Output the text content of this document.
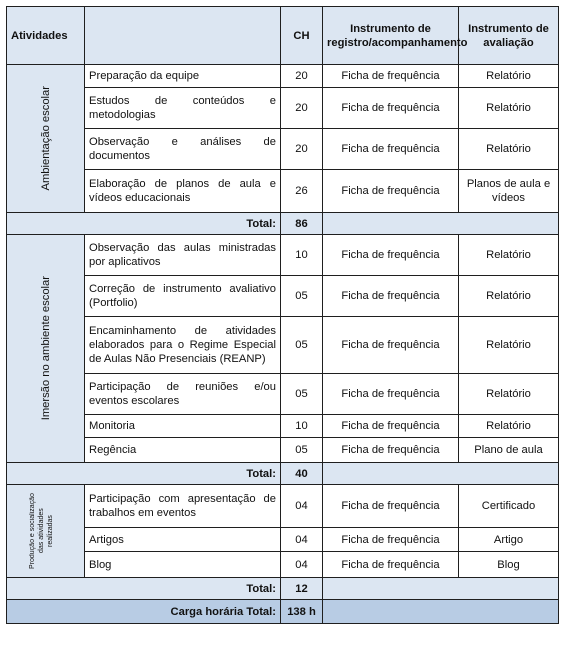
Atividades		CH	Instrumento de registro/acompanhamento	Instrumento de avaliação

Ambientação escolar	Preparação da equipe	20	Ficha de frequência	Relatório
	Estudos de conteúdos e metodologias	20	Ficha de frequência	Relatório
	Observação e análises de documentos	20	Ficha de frequência	Relatório
	Elaboração de planos de aula e vídeos educacionais	26	Ficha de frequência	Planos de aula e vídeos
Total:		86		

Imersão no ambiente escolar	Observação das aulas ministradas por aplicativos	10	Ficha de frequência	Relatório
	Correção de instrumento avaliativo (Portfolio)	05	Ficha de frequência	Relatório
	Encaminhamento de atividades elaborados para o Regime Especial de Aulas Não Presenciais (REANP)	05	Ficha de frequência	Relatório
	Participação de reuniões e/ou eventos escolares	05	Ficha de frequência	Relatório
	Monitoria	10	Ficha de frequência	Relatório
	Regência	05	Ficha de frequência	Plano de aula
Total:		40		

Produção e socialização das atividades realizadas	Participação com apresentação de trabalhos em eventos	04	Ficha de frequência	Certificado
	Artigos	04	Ficha de frequência	Artigo
	Blog	04	Ficha de frequência	Blog
Total:		12		
Carga horária Total:		138 h		
